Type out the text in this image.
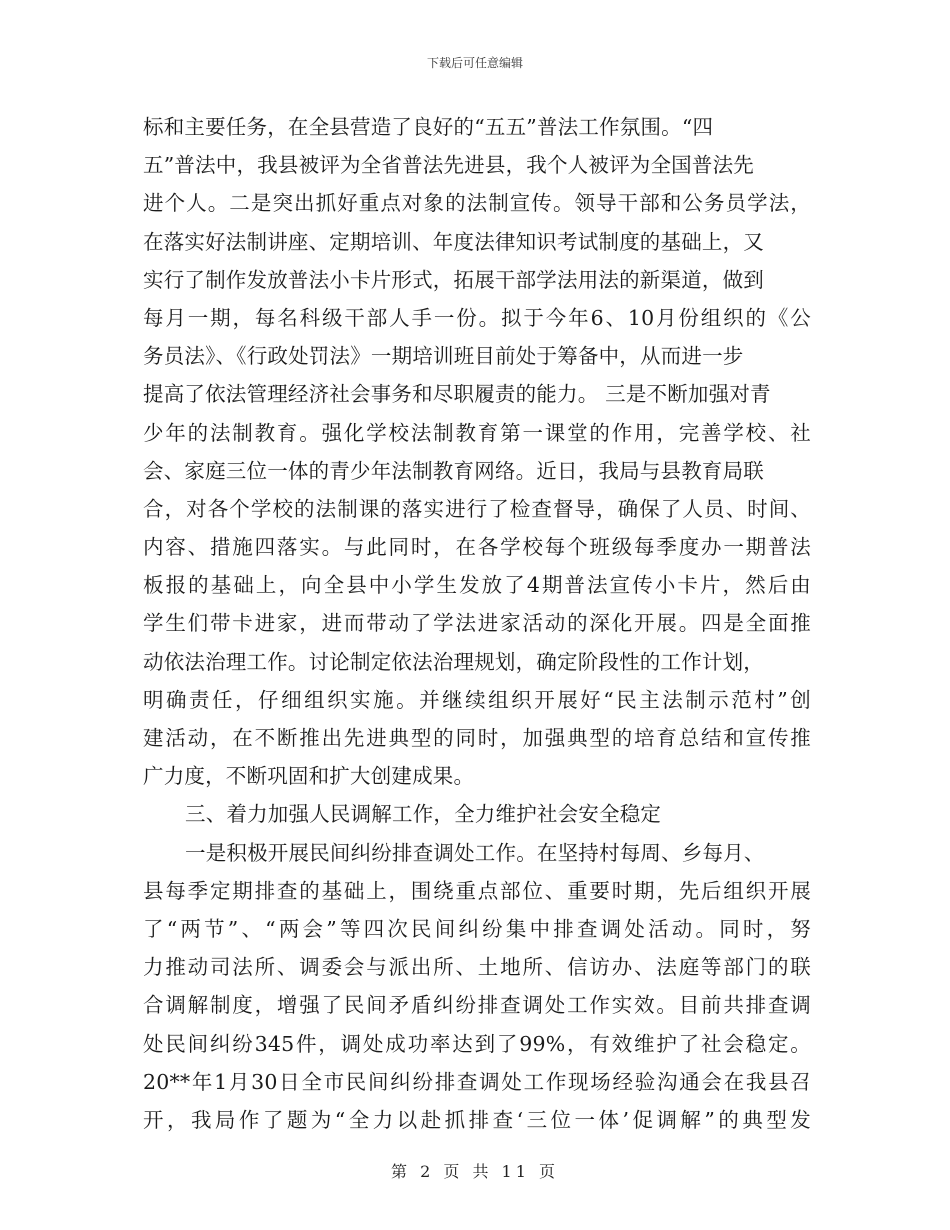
下载后可任意编辑
标和主要任务，在全县营造了良好的“五五”普法工作氛围。“四
五”普法中，我县被评为全省普法先进县，我个人被评为全国普法先
进个人。二是突出抓好重点对象的法制宣传。领导干部和公务员学法，
在落实好法制讲座、定期培训、年度法律知识考试制度的基础上，又
实行了制作发放普法小卡片形式，拓展干部学法用法的新渠道，做到
每月一期，每名科级干部人手一份。拟于今年6、10月份组织的《公
务员法》、《行政处罚法》一期培训班目前处于筹备中，从而进一步
提高了依法管理经济社会事务和尽职履责的能力。 三是不断加强对青
少年的法制教育。强化学校法制教育第一课堂的作用，完善学校、社
会、家庭三位一体的青少年法制教育网络。近日，我局与县教育局联
合，对各个学校的法制课的落实进行了检查督导，确保了人员、时间、
内容、措施四落实。与此同时，在各学校每个班级每季度办一期普法
板报的基础上，向全县中小学生发放了4期普法宣传小卡片，然后由
学生们带卡进家，进而带动了学法进家活动的深化开展。四是全面推
动依法治理工作。讨论制定依法治理规划，确定阶段性的工作计划，
明确责任，仔细组织实施。并继续组织开展好“民主法制示范村”创
建活动，在不断推出先进典型的同时，加强典型的培育总结和宣传推
广力度，不断巩固和扩大创建成果。
三、着力加强人民调解工作，全力维护社会安全稳定
一是积极开展民间纠纷排查调处工作。在坚持村每周、乡每月、
县每季定期排查的基础上，围绕重点部位、重要时期，先后组织开展
了“两节”、“两会”等四次民间纠纷集中排查调处活动。同时，努
力推动司法所、调委会与派出所、土地所、信访办、法庭等部门的联
合调解制度，增强了民间矛盾纠纷排查调处工作实效。目前共排查调
处民间纠纷345件，调处成功率达到了99%，有效维护了社会稳定。
20**年1月30日全市民间纠纷排查调处工作现场经验沟通会在我县召
开，我局作了题为“全力以赴抓排查‘三位一体’促调解”的典型发
第 2 页 共 11 页
